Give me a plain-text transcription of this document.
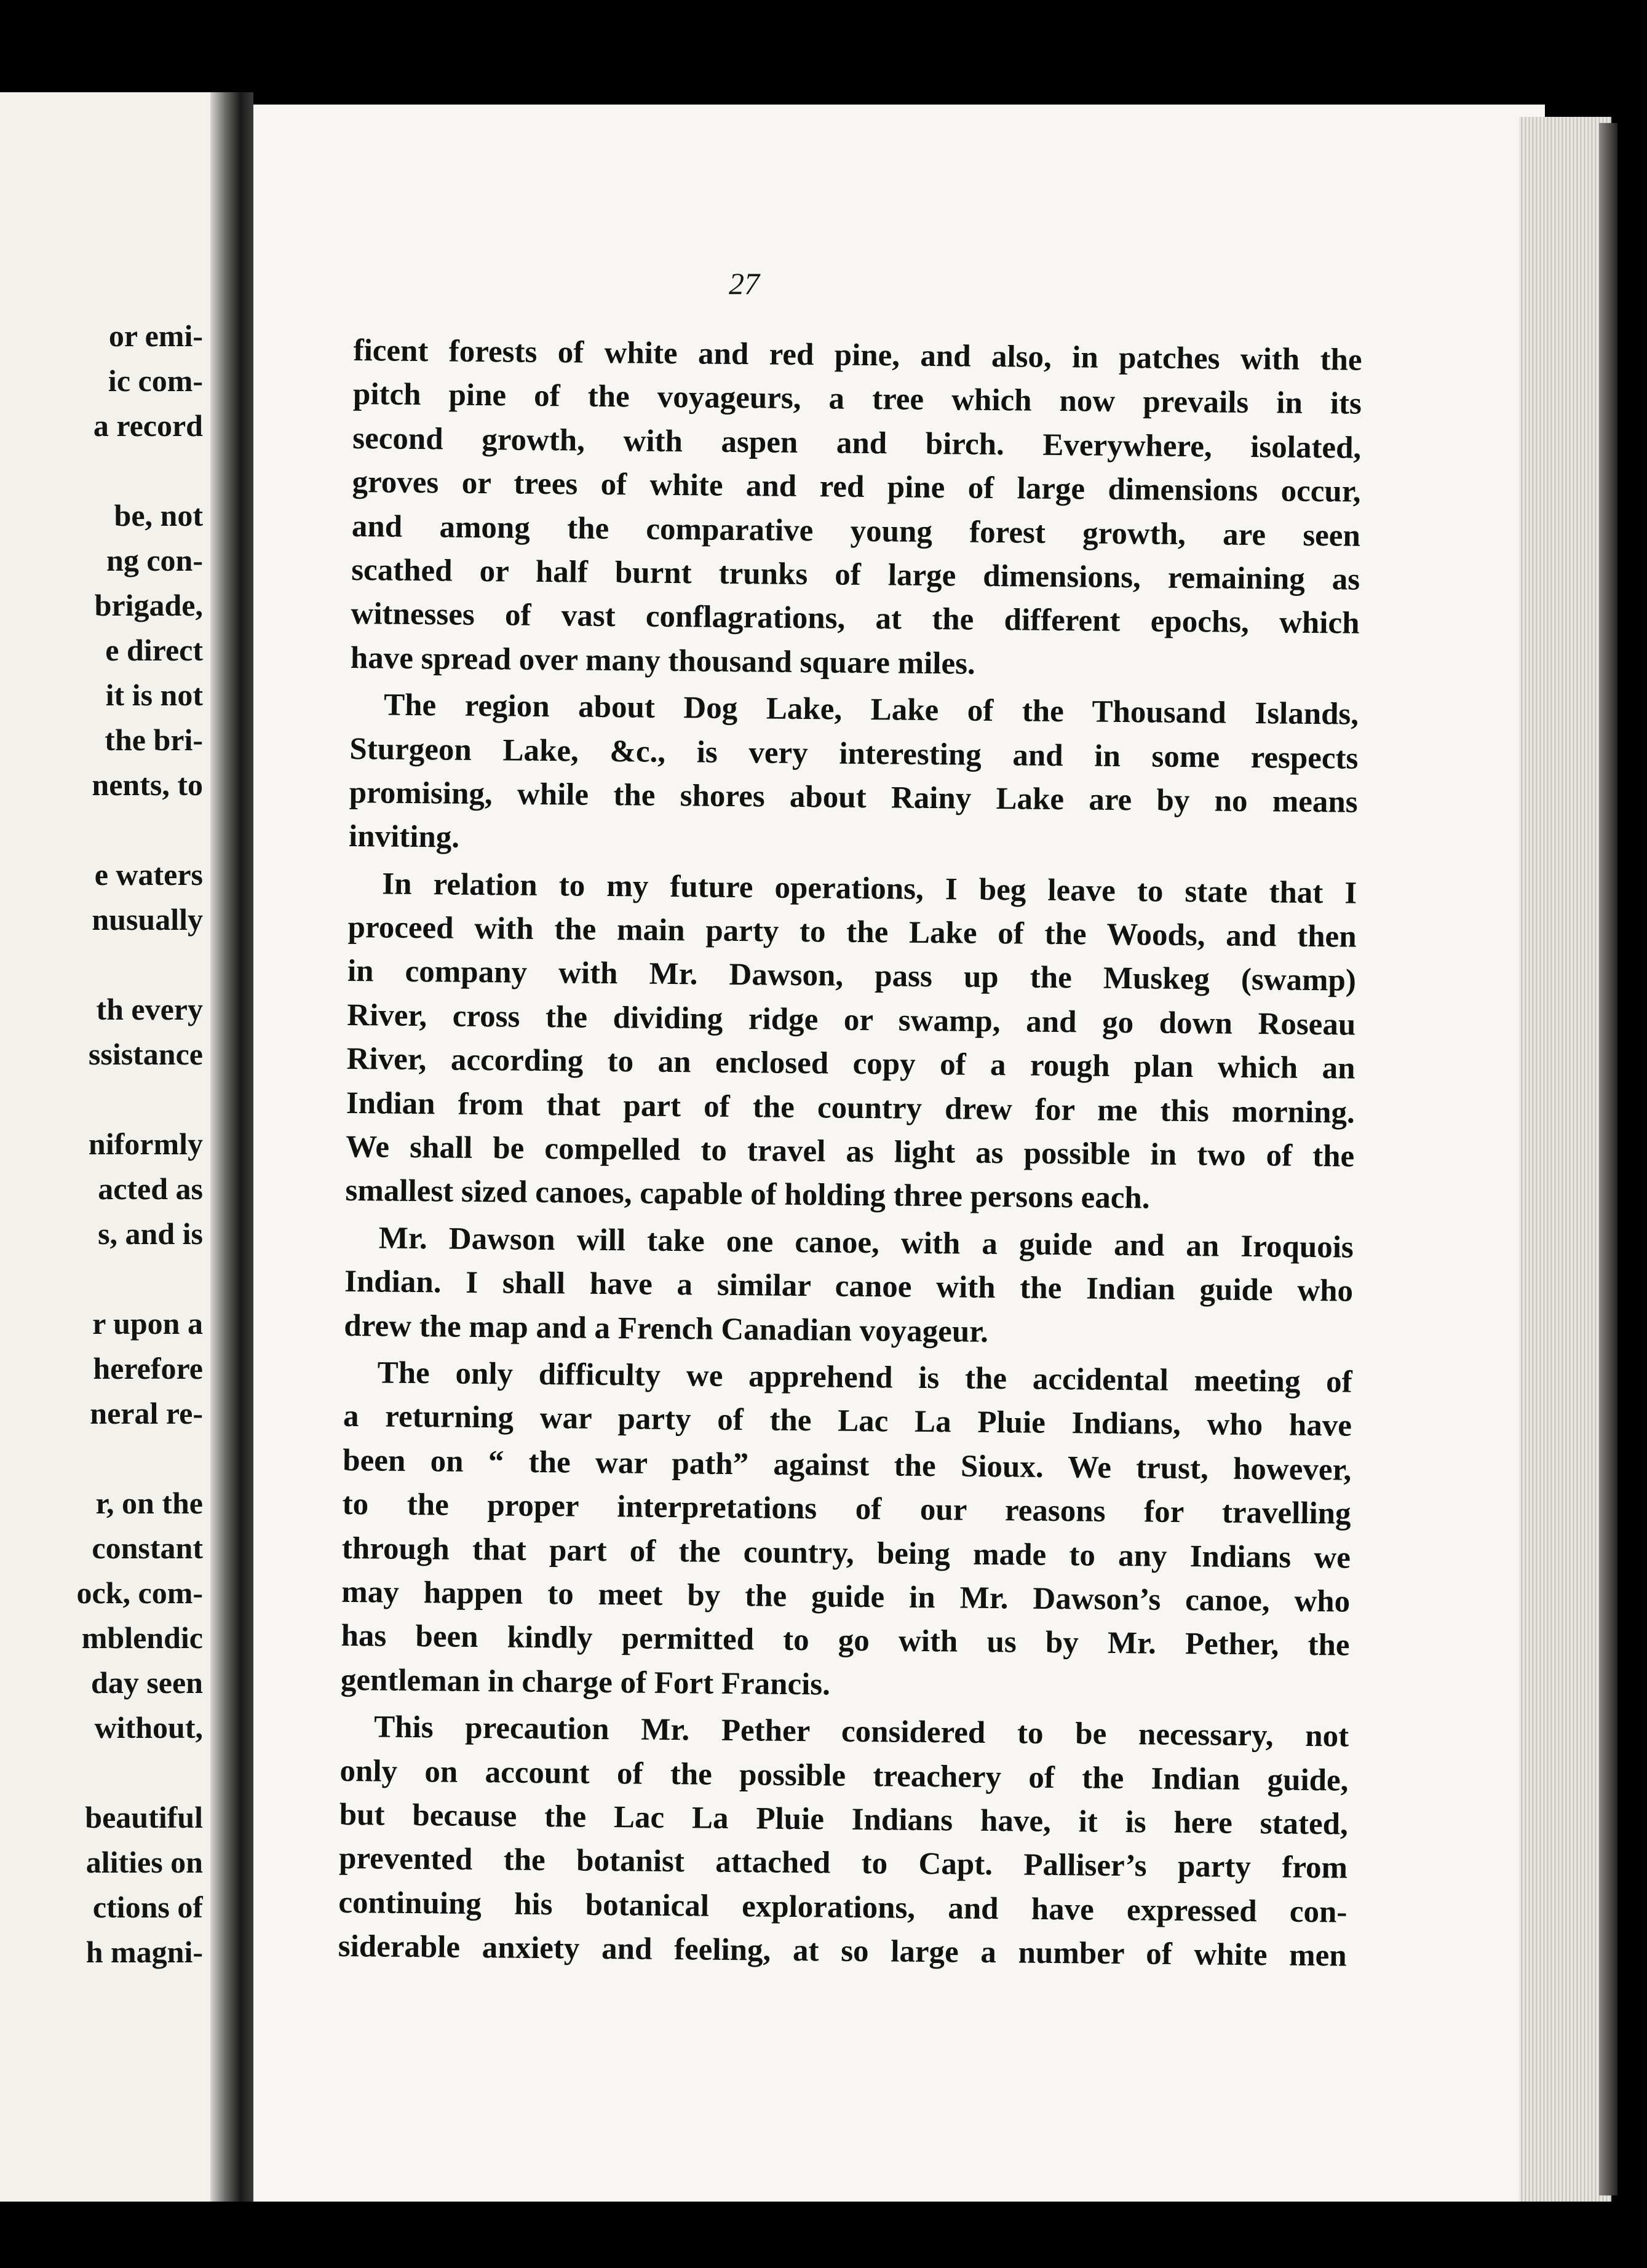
or emi-
ic com-
a record
be, not
ng con-
brigade,
e direct
it is not
the bri-
nents, to
e waters
nusually
th every
ssistance
niformly
acted as
s, and is
r upon a
herefore
neral re-
r, on the
constant
ock, com-
mblendic
day seen
without,
beautiful
alities on
ctions of
h magni-
27
ficent forests of white and red pine, and also, in patches with the
pitch pine of the voyageurs, a tree which now prevails in its
second growth, with aspen and birch. Everywhere, isolated,
groves or trees of white and red pine of large dimensions occur,
and among the comparative young forest growth, are seen
scathed or half burnt trunks of large dimensions, remaining as
witnesses of vast conflagrations, at the different epochs, which
have spread over many thousand square miles.
The region about Dog Lake, Lake of the Thousand Islands,
Sturgeon Lake, &c., is very interesting and in some respects
promising, while the shores about Rainy Lake are by no means
inviting.
In relation to my future operations, I beg leave to state that I
proceed with the main party to the Lake of the Woods, and then
in company with Mr. Dawson, pass up the Muskeg (swamp)
River, cross the dividing ridge or swamp, and go down Roseau
River, according to an enclosed copy of a rough plan which an
Indian from that part of the country drew for me this morning.
We shall be compelled to travel as light as possible in two of the
smallest sized canoes, capable of holding three persons each.
Mr. Dawson will take one canoe, with a guide and an Iroquois
Indian. I shall have a similar canoe with the Indian guide who
drew the map and a French Canadian voyageur.
The only difficulty we apprehend is the accidental meeting of
a returning war party of the Lac La Pluie Indians, who have
been on “ the war path” against the Sioux. We trust, however,
to the proper interpretations of our reasons for travelling
through that part of the country, being made to any Indians we
may happen to meet by the guide in Mr. Dawson’s canoe, who
has been kindly permitted to go with us by Mr. Pether, the
gentleman in charge of Fort Francis.
This precaution Mr. Pether considered to be necessary, not
only on account of the possible treachery of the Indian guide,
but because the Lac La Pluie Indians have, it is here stated,
prevented the botanist attached to Capt. Palliser’s party from
continuing his botanical explorations, and have expressed con-
siderable anxiety and feeling, at so large a number of white men
